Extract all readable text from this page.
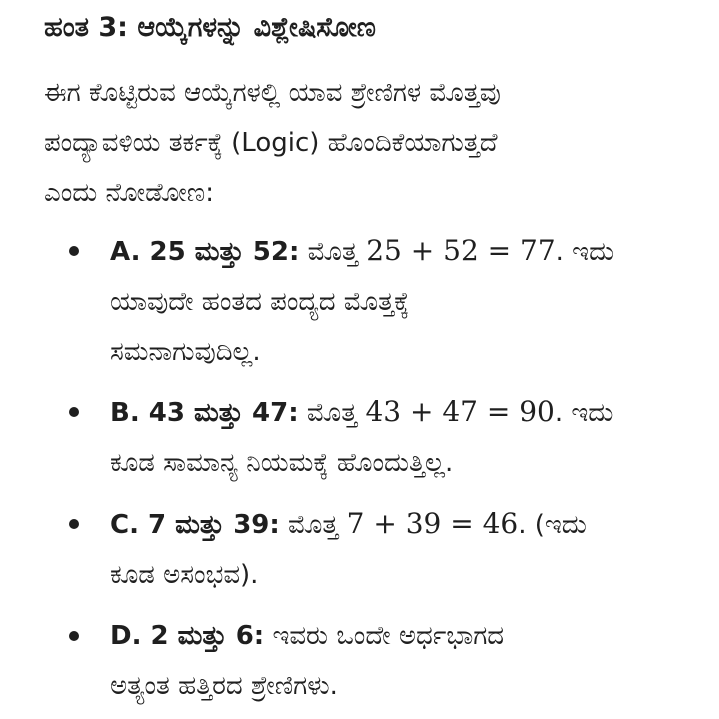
ಹಂತ 3: ಆಯ್ಕೆಗಳನ್ನು ವಿಶ್ಲೇಷಿಸೋಣ
ಈಗ ಕೊಟ್ಟಿರುವ ಆಯ್ಕೆಗಳಲ್ಲಿ ಯಾವ ಶ್ರೇಣಿಗಳ ಮೊತ್ತವು
ಪಂದ್ಯಾವಳಿಯ ತರ್ಕಕ್ಕೆ (Logic) ಹೊಂದಿಕೆಯಾಗುತ್ತದೆ
ಎಂದು ನೋಡೋಣ:
A. 25 ಮತ್ತು 52: ಮೊತ್ತ 25 + 52 = 77. ಇದು
ಯಾವುದೇ ಹಂತದ ಪಂದ್ಯದ ಮೊತ್ತಕ್ಕೆ
ಸಮನಾಗುವುದಿಲ್ಲ.
B. 43 ಮತ್ತು 47: ಮೊತ್ತ 43 + 47 = 90. ಇದು
ಕೂಡ ಸಾಮಾನ್ಯ ನಿಯಮಕ್ಕೆ ಹೊಂದುತ್ತಿಲ್ಲ.
C. 7 ಮತ್ತು 39: ಮೊತ್ತ 7 + 39 = 46. (ಇದು
ಕೂಡ ಅಸಂಭವ).
D. 2 ಮತ್ತು 6: ಇವರು ಒಂದೇ ಅರ್ಧಭಾಗದ
ಅತ್ಯಂತ ಹತ್ತಿರದ ಶ್ರೇಣಿಗಳು.
